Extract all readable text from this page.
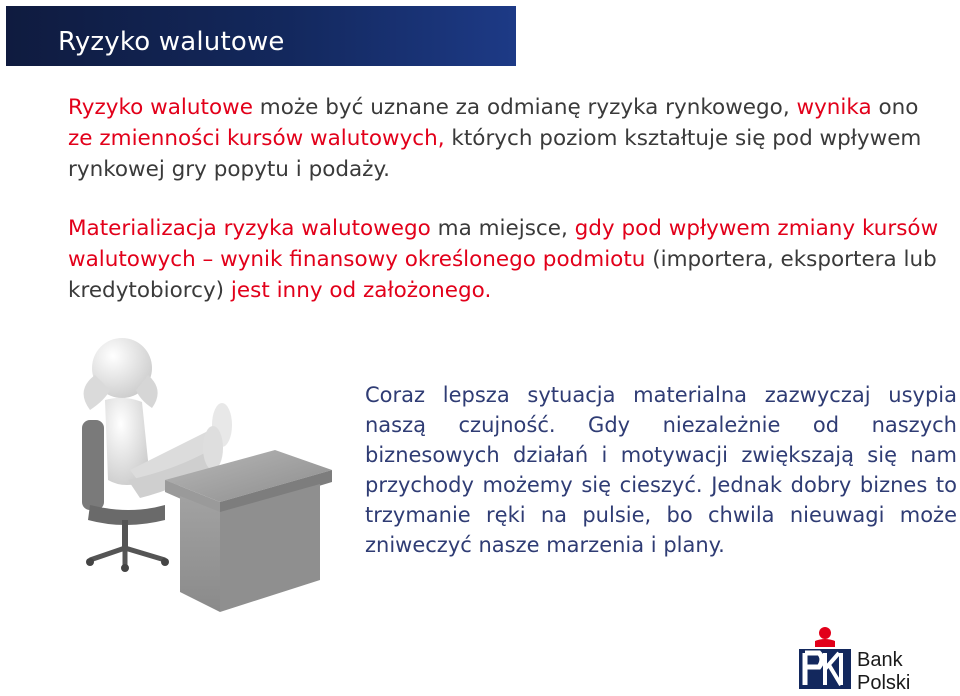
Ryzyko walutowe
Ryzyko walutowe może być uznane za odmianę ryzyka rynkowego, wynika ono ze zmienności kursów walutowych, których poziom kształtuje się pod wpływem rynkowej gry popytu i podaży.
Materializacja ryzyka walutowego ma miejsce, gdy pod wpływem zmiany kursów walutowych – wynik finansowy określonego podmiotu (importera, eksportera lub kredytobiorcy) jest inny od założonego.
Coraz lepsza sytuacja materialna zazwyczaj usypia naszą czujność. Gdy niezależnie od naszych biznesowych działań i motywacji zwiększają się nam przychody możemy się cieszyć. Jednak dobry biznes to trzymanie ręki na pulsie, bo chwila nieuwagi może zniweczyć nasze marzenia i plany.
Bank Polski
